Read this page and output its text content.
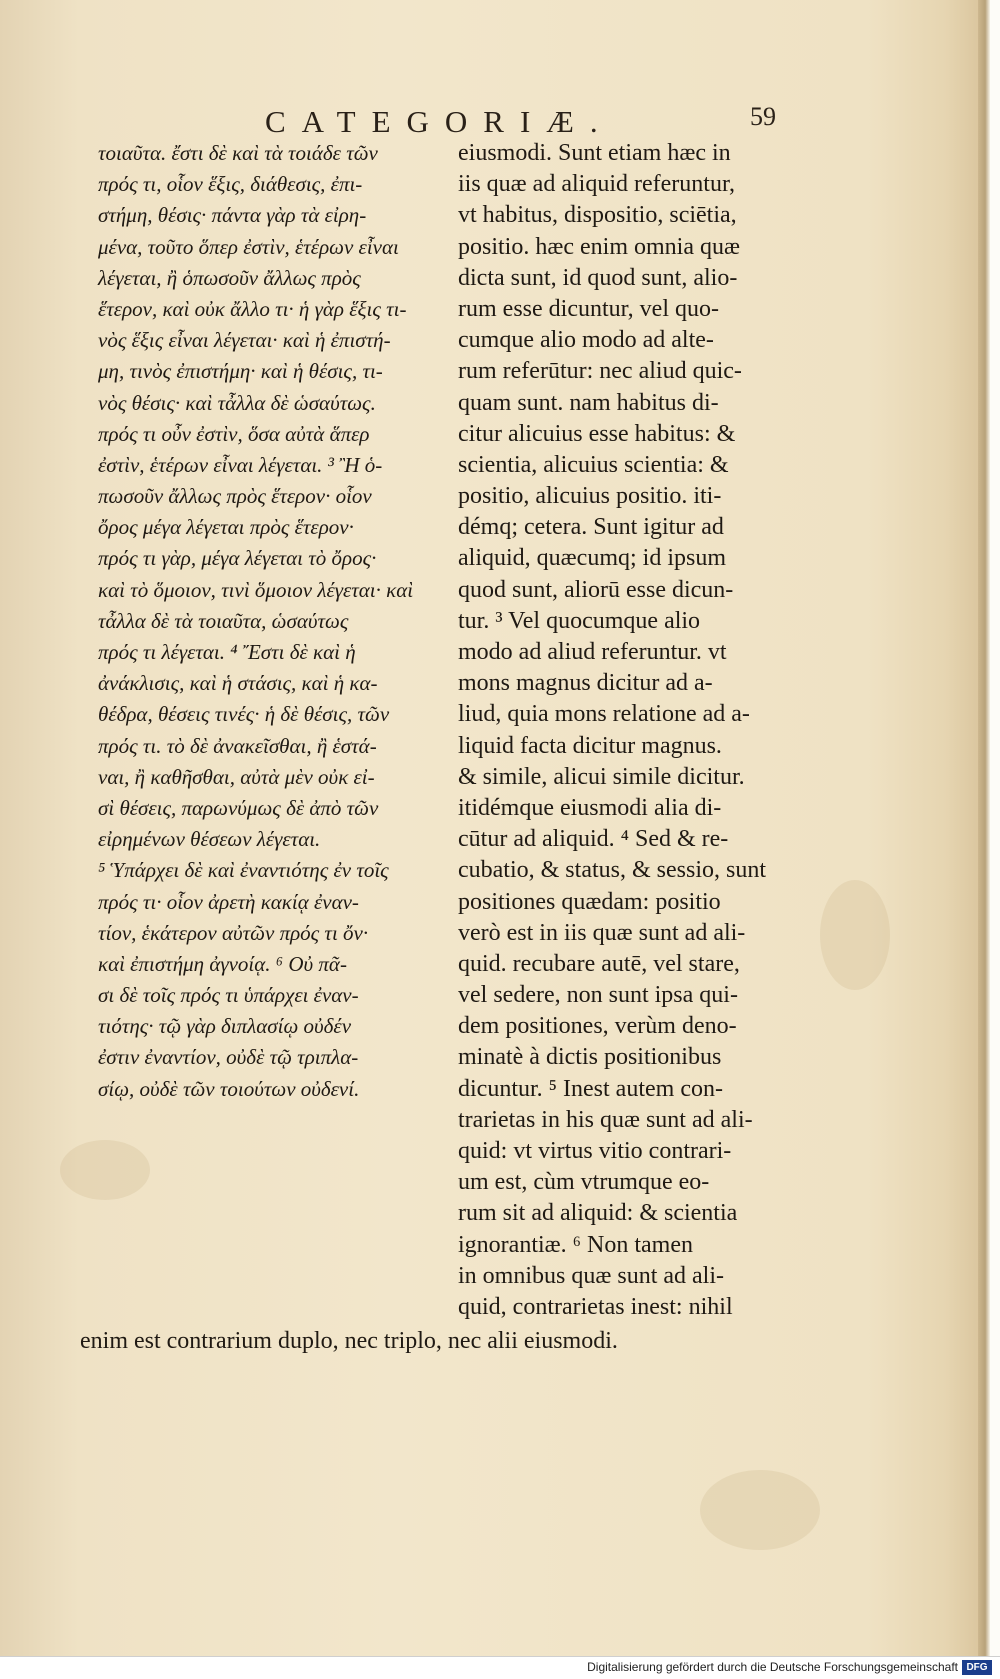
CATEGORIÆ.	59
τοιαῦτα. ἔστι δὲ καὶ τὰ τοιάδε τῶν
πρός τι, οἷον ἕξις, διάθεσις, ἐπι-
στήμη, θέσις· πάντα γὰρ τὰ εἰρη-
μένα, τοῦτο ὅπερ ἐστὶν, ἑτέρων εἶναι
λέγεται, ἢ ὁπωσοῦν ἄλλως πρὸς
ἕτερον, καὶ οὐκ ἄλλο τι· ἡ γὰρ ἕξις τι-
νὸς ἕξις εἶναι λέγεται· καὶ ἡ ἐπιστή-
μη, τινὸς ἐπιστήμη· καὶ ἡ θέσις, τι-
νὸς θέσις· καὶ τἆλλα δὲ ὡσαύτως.
πρός τι οὖν ἐστὶν, ὅσα αὐτὰ ἅπερ
ἐστὶν, ἑτέρων εἶναι λέγεται. ³ Ἢ ὁ-
πωσοῦν ἄλλως πρὸς ἕτερον· οἷον
ὄρος μέγα λέγεται πρὸς ἕτερον·
πρός τι γὰρ, μέγα λέγεται τὸ ὄρος·
καὶ τὸ ὅμοιον, τινὶ ὅμοιον λέγεται· καὶ
τἆλλα δὲ τὰ τοιαῦτα, ὡσαύτως
πρός τι λέγεται. ⁴ Ἔστι δὲ καὶ ἡ
ἀνάκλισις, καὶ ἡ στάσις, καὶ ἡ κα-
θέδρα, θέσεις τινές· ἡ δὲ θέσις, τῶν
πρός τι. τὸ δὲ ἀνακεῖσθαι, ἢ ἑστά-
ναι, ἢ καθῆσθαι, αὐτὰ μὲν οὐκ εἰ-
σὶ θέσεις, παρωνύμως δὲ ἀπὸ τῶν
εἰρημένων θέσεων λέγεται.
⁵ Ὑπάρχει δὲ καὶ ἐναντιότης ἐν τοῖς
πρός τι· οἷον ἀρετὴ κακίᾳ ἐναν-
τίον, ἑκάτερον αὐτῶν πρός τι ὄν·
καὶ ἐπιστήμη ἀγνοίᾳ. ⁶ Οὐ πᾶ-
σι δὲ τοῖς πρός τι ὑπάρχει ἐναν-
τιότης· τῷ γὰρ διπλασίῳ οὐδέν
ἐστιν ἐναντίον, οὐδὲ τῷ τριπλα-
σίῳ, οὐδὲ τῶν τοιούτων οὐδενί.
eiusmodi. Sunt etiam hæc in
iis quæ ad aliquid referuntur,
vt habitus, dispositio, sciētia,
positio. hæc enim omnia quæ
dicta sunt, id quod sunt, alio-
rum esse dicuntur, vel quo-
cumque alio modo ad alte-
rum referūtur: nec aliud quic-
quam sunt. nam habitus di-
citur alicuius esse habitus: &
scientia, alicuius scientia: &
positio, alicuius positio. iti-
démq; cetera. Sunt igitur ad
aliquid, quæcumq; id ipsum
quod sunt, aliorū esse dicun-
tur. ³ Vel quocumque alio
modo ad aliud referuntur. vt
mons magnus dicitur ad a-
liud, quia mons relatione ad a-
liquid facta dicitur magnus.
& simile, alicui simile dicitur.
itidémque eiusmodi alia di-
cūtur ad aliquid. ⁴ Sed & re-
cubatio, & status, & sessio, sunt
positiones quædam: positio
verò est in iis quæ sunt ad ali-
quid. recubare autē, vel stare,
vel sedere, non sunt ipsa qui-
dem positiones, verùm deno-
minatè à dictis positionibus
dicuntur. ⁵ Inest autem con-
trarietas in his quæ sunt ad ali-
quid: vt virtus vitio contrari-
um est, cùm vtrumque eo-
rum sit ad aliquid: & scientia
ignorantiæ. ⁶ Non tamen
in omnibus quæ sunt ad ali-
quid, contrarietas inest: nihil
enim est contrarium duplo, nec triplo, nec alii eiusmodi.
Digitalisierung gefördert durch die Deutsche Forschungsgemeinschaft DFG
